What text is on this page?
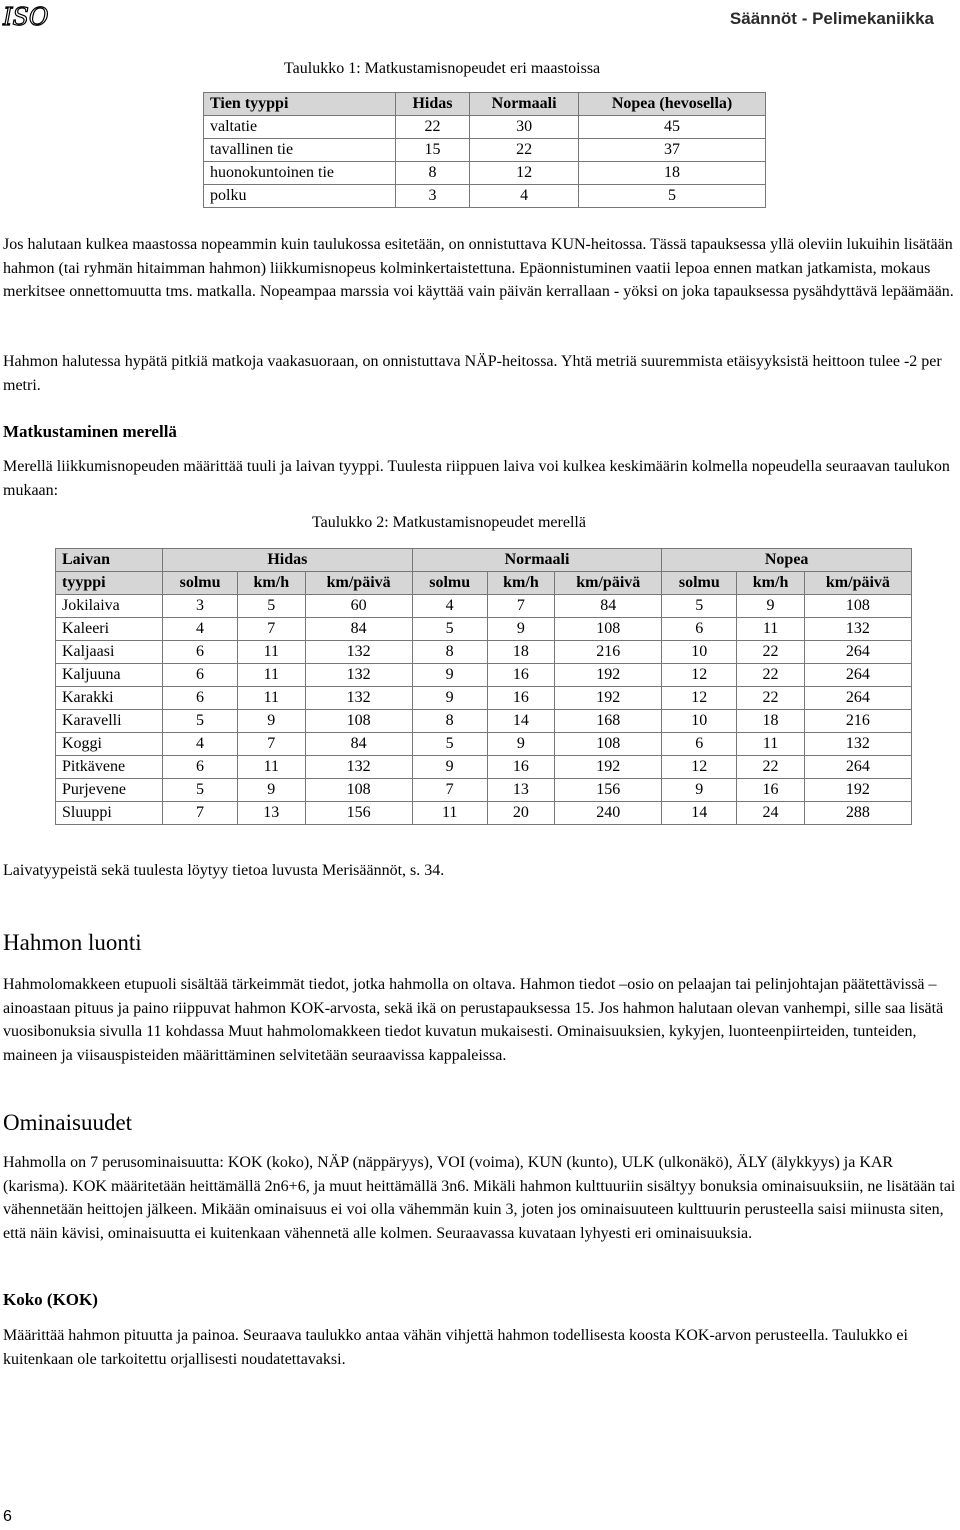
ISO	Säännöt - Pelimekaniikka
Taulukko 1: Matkustamisnopeudet eri maastoissa
Tien tyyppi	Hidas	Normaali	Nopea (hevosella)
valtatie	22	30	45
tavallinen tie	15	22	37
huonokuntoinen tie	8	12	18
polku	3	4	5

Jos halutaan kulkea maastossa nopeammin kuin taulukossa esitetään, on onnistuttava KUN-heitossa. Tässä tapauksessa yllä oleviin lukuihin lisätään hahmon (tai ryhmän hitaimman hahmon) liikkumisnopeus kolminkertaistettuna. Epäonnistuminen vaatii lepoa ennen matkan jatkamista, mokaus merkitsee onnettomuutta tms. matkalla. Nopeampaa marssia voi käyttää vain päivän kerrallaan - yöksi on joka tapauksessa pysähdyttävä lepäämään.

Hahmon halutessa hypätä pitkiä matkoja vaakasuoraan, on onnistuttava NÄP-heitossa. Yhtä metriä suuremmista etäisyyksistä heittoon tulee -2 per metri.

Matkustaminen merellä

Merellä liikkumisnopeuden määrittää tuuli ja laivan tyyppi. Tuulesta riippuen laiva voi kulkea keskimäärin kolmella nopeudella seuraavan taulukon mukaan:

Taulukko 2: Matkustamisnopeudet merellä
Laivan	Hidas			Normaali			Nopea		
tyyppi	solmu	km/h	km/päivä	solmu	km/h	km/päivä	solmu	km/h	km/päivä
Jokilaiva	3	5	60	4	7	84	5	9	108
Kaleeri	4	7	84	5	9	108	6	11	132
Kaljaasi	6	11	132	8	18	216	10	22	264
Kaljuuna	6	11	132	9	16	192	12	22	264
Karakki	6	11	132	9	16	192	12	22	264
Karavelli	5	9	108	8	14	168	10	18	216
Koggi	4	7	84	5	9	108	6	11	132
Pitkävene	6	11	132	9	16	192	12	22	264
Purjevene	5	9	108	7	13	156	9	16	192
Sluuppi	7	13	156	11	20	240	14	24	288

Laivatyypeistä sekä tuulesta löytyy tietoa luvusta Merisäännöt, s. 34.

Hahmon luonti

Hahmolomakkeen etupuoli sisältää tärkeimmät tiedot, jotka hahmolla on oltava. Hahmon tiedot –osio on pelaajan tai pelinjohtajan päätettävissä – ainoastaan pituus ja paino riippuvat hahmon KOK-arvosta, sekä ikä on perustapauksessa 15. Jos hahmon halutaan olevan vanhempi, sille saa lisätä vuosibonuksia sivulla 11 kohdassa Muut hahmolomakkeen tiedot kuvatun mukaisesti. Ominaisuuksien, kykyjen, luonteenpiirteiden, tunteiden, maineen ja viisauspisteiden määrittäminen selvitetään seuraavissa kappaleissa.

Ominaisuudet

Hahmolla on 7 perusominaisuutta: KOK (koko), NÄP (näppäryys), VOI (voima), KUN (kunto), ULK (ulkonäkö), ÄLY (älykkyys) ja KAR (karisma). KOK määritetään heittämällä 2n6+6, ja muut heittämällä 3n6. Mikäli hahmon kulttuuriin sisältyy bonuksia ominaisuuksiin, ne lisätään tai vähennetään heittojen jälkeen. Mikään ominaisuus ei voi olla vähemmän kuin 3, joten jos ominaisuuteen kulttuurin perusteella saisi miinusta siten, että näin kävisi, ominaisuutta ei kuitenkaan vähennetä alle kolmen. Seuraavassa kuvataan lyhyesti eri ominaisuuksia.

Koko (KOK)

Määrittää hahmon pituutta ja painoa. Seuraava taulukko antaa vähän vihjettä hahmon todellisesta koosta KOK-arvon perusteella. Taulukko ei kuitenkaan ole tarkoitettu orjallisesti noudatettavaksi.

6
